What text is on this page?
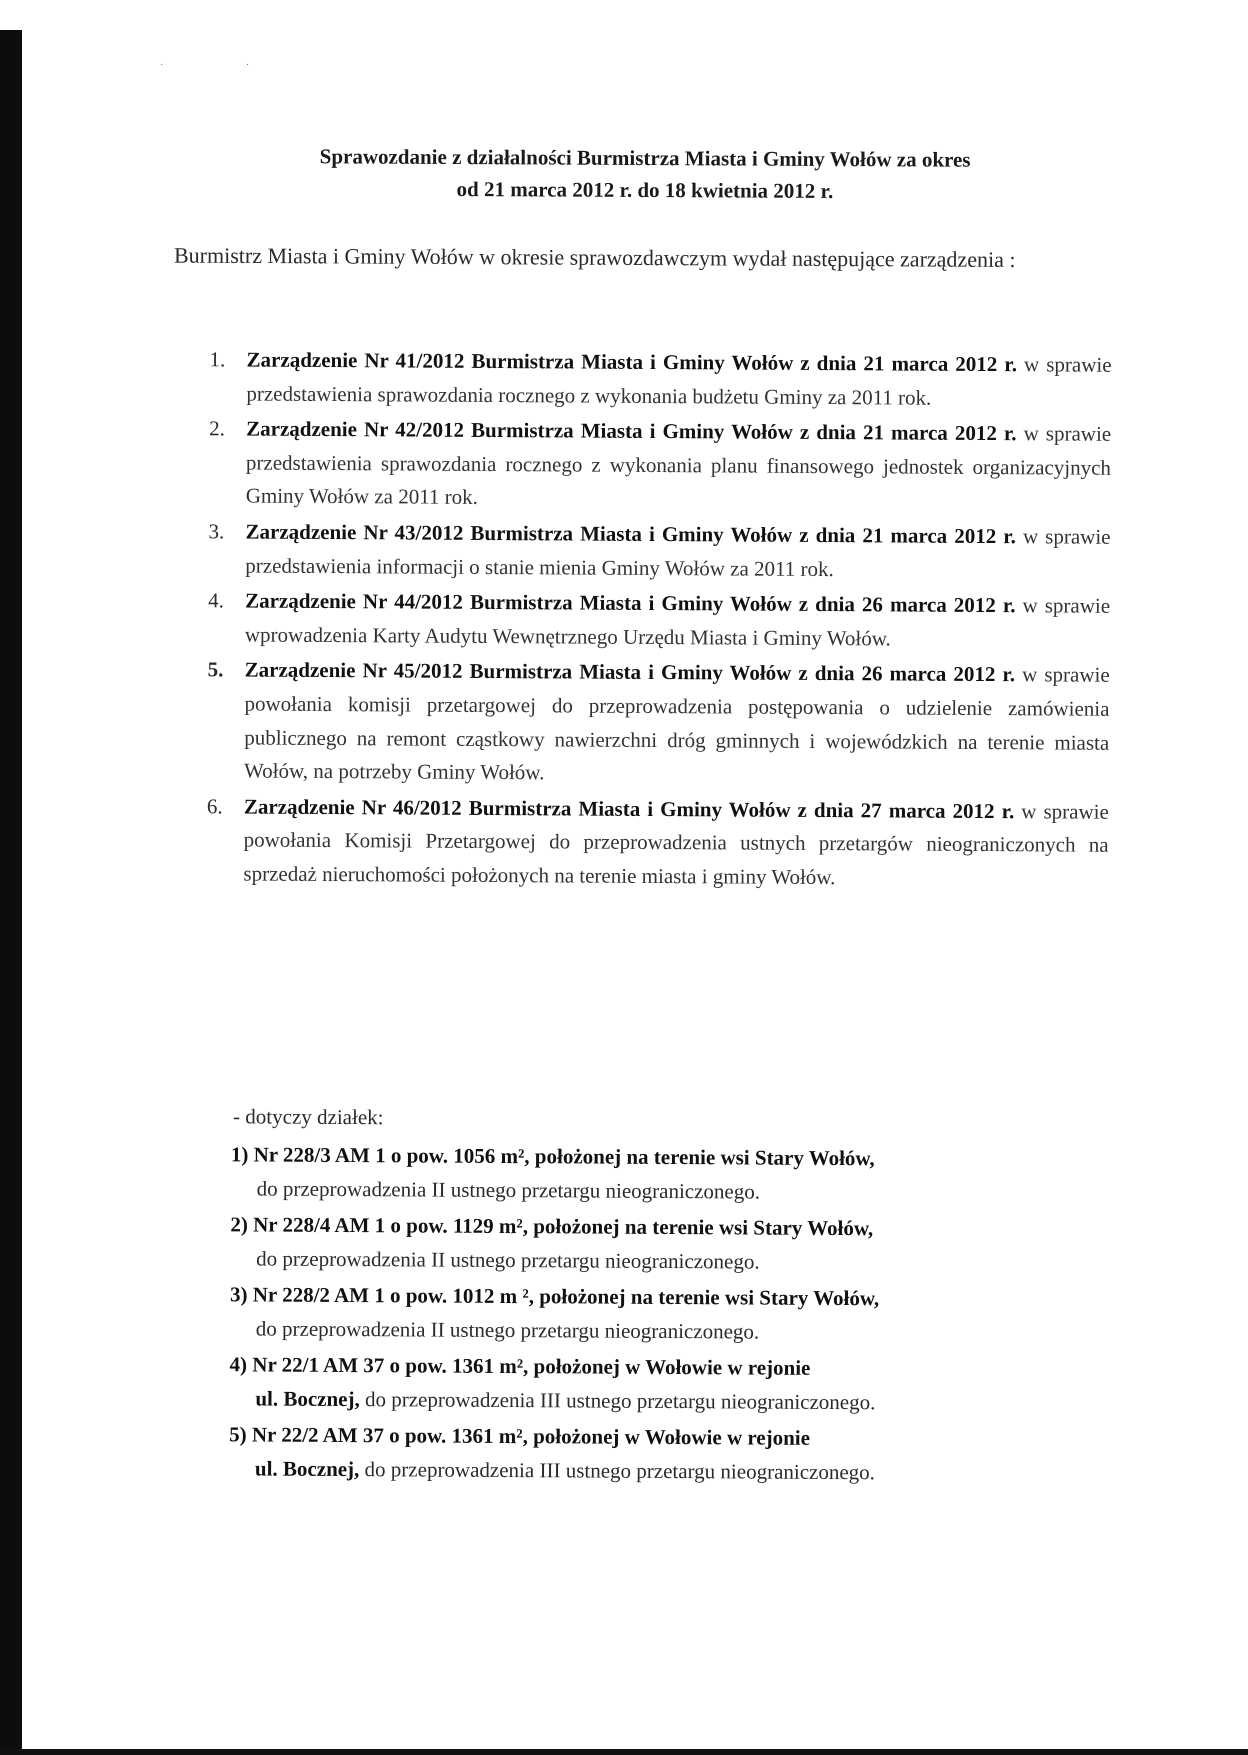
· ·
Sprawozdanie z działalności Burmistrza Miasta i Gminy Wołów za okres
od 21 marca 2012 r. do 18 kwietnia 2012 r.
Burmistrz Miasta i Gminy Wołów w okresie sprawozdawczym wydał następujące zarządzenia :
1. Zarządzenie Nr 41/2012 Burmistrza Miasta i Gminy Wołów z dnia 21 marca 2012 r. w sprawie przedstawienia sprawozdania rocznego z wykonania budżetu Gminy za 2011 rok.
2. Zarządzenie Nr 42/2012 Burmistrza Miasta i Gminy Wołów z dnia 21 marca 2012 r. w sprawie przedstawienia sprawozdania rocznego z wykonania planu finansowego jednostek organizacyjnych Gminy Wołów za 2011 rok.
3. Zarządzenie Nr 43/2012 Burmistrza Miasta i Gminy Wołów z dnia 21 marca 2012 r. w sprawie przedstawienia informacji o stanie mienia Gminy Wołów za 2011 rok.
4. Zarządzenie Nr 44/2012 Burmistrza Miasta i Gminy Wołów z dnia 26 marca 2012 r. w sprawie wprowadzenia Karty Audytu Wewnętrznego Urzędu Miasta i Gminy Wołów.
5. Zarządzenie Nr 45/2012 Burmistrza Miasta i Gminy Wołów z dnia 26 marca 2012 r. w sprawie powołania komisji przetargowej do przeprowadzenia postępowania o udzielenie zamówienia publicznego na remont cząstkowy nawierzchni dróg gminnych i wojewódzkich na terenie miasta Wołów, na potrzeby Gminy Wołów.
6. Zarządzenie Nr 46/2012 Burmistrza Miasta i Gminy Wołów z dnia 27 marca 2012 r. w sprawie powołania Komisji Przetargowej do przeprowadzenia ustnych przetargów nieograniczonych na sprzedaż nieruchomości położonych na terenie miasta i gminy Wołów.
- dotyczy działek:
1) Nr 228/3 AM 1 o pow. 1056 m², położonej na terenie wsi Stary Wołów,
do przeprowadzenia II ustnego przetargu nieograniczonego.
2) Nr 228/4 AM 1 o pow. 1129 m², położonej na terenie wsi Stary Wołów,
do przeprowadzenia II ustnego przetargu nieograniczonego.
3) Nr 228/2 AM 1 o pow. 1012 m ², położonej na terenie wsi Stary Wołów,
do przeprowadzenia II ustnego przetargu nieograniczonego.
4) Nr 22/1 AM 37 o pow. 1361 m², położonej w Wołowie w rejonie
ul. Bocznej, do przeprowadzenia III ustnego przetargu nieograniczonego.
5) Nr 22/2 AM 37 o pow. 1361 m², położonej w Wołowie w rejonie
ul. Bocznej, do przeprowadzenia III ustnego przetargu nieograniczonego.
